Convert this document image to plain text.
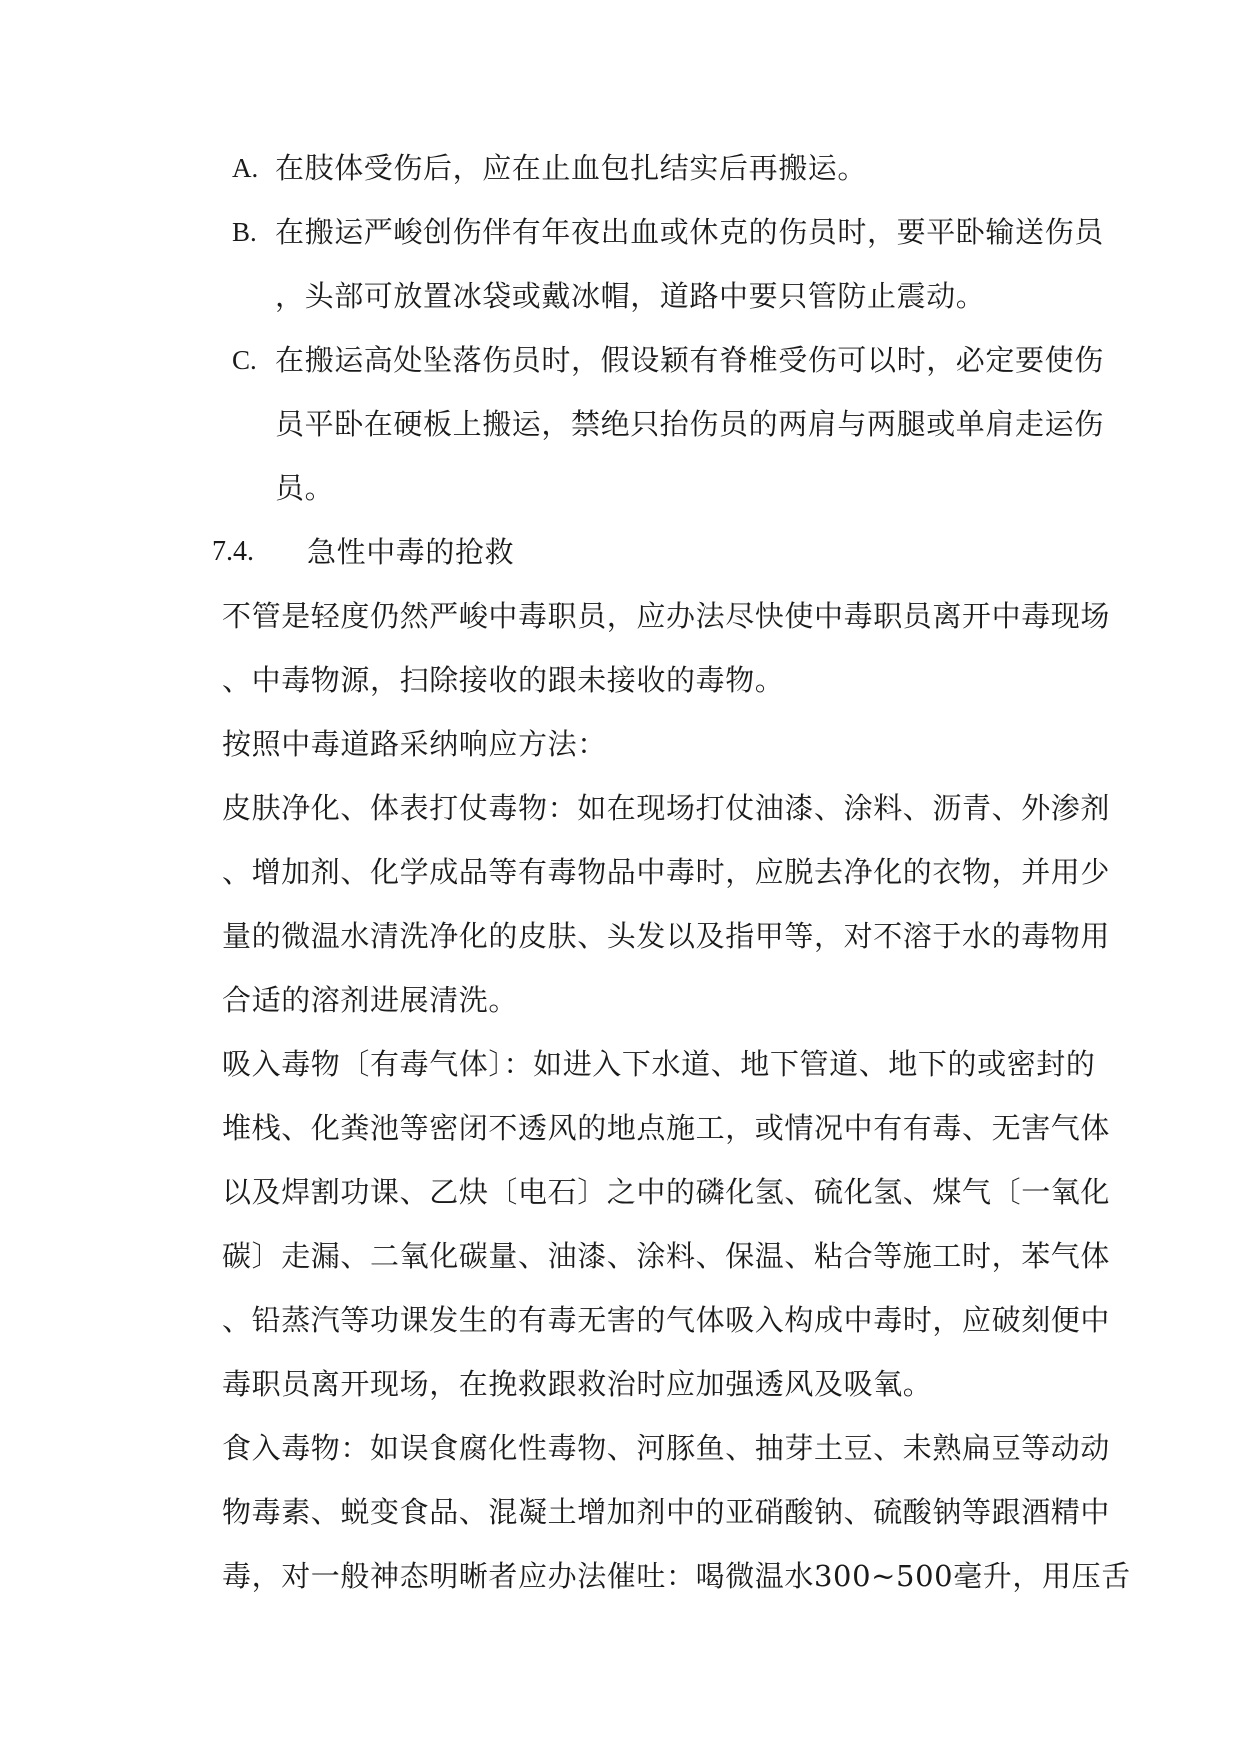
A. 在肢体受伤后，应在止血包扎结实后再搬运。
B. 在搬运严峻创伤伴有年夜出血或休克的伤员时，要平卧输送伤员
，头部可放置冰袋或戴冰帽，道路中要只管防止震动。
C. 在搬运高处坠落伤员时，假设颖有脊椎受伤可以时，必定要使伤
员平卧在硬板上搬运，禁绝只抬伤员的两肩与两腿或单肩走运伤
员。
7.4. 急性中毒的抢救
不管是轻度仍然严峻中毒职员，应办法尽快使中毒职员离开中毒现场
、中毒物源，扫除接收的跟未接收的毒物。
按照中毒道路采纳响应方法：
皮肤净化、体表打仗毒物：如在现场打仗油漆、涂料、沥青、外渗剂
、增加剂、化学成品等有毒物品中毒时，应脱去净化的衣物，并用少
量的微温水清洗净化的皮肤、头发以及指甲等，对不溶于水的毒物用
合适的溶剂进展清洗。
吸入毒物〔有毒气体〕：如进入下水道、地下管道、地下的或密封的
堆栈、化粪池等密闭不透风的地点施工，或情况中有有毒、无害气体
以及焊割功课、乙炔〔电石〕之中的磷化氢、硫化氢、煤气〔一氧化
碳〕走漏、二氧化碳量、油漆、涂料、保温、粘合等施工时，苯气体
、铅蒸汽等功课发生的有毒无害的气体吸入构成中毒时，应破刻便中
毒职员离开现场，在挽救跟救治时应加强透风及吸氧。
食入毒物：如误食腐化性毒物、河豚鱼、抽芽土豆、未熟扁豆等动动
物毒素、蜕变食品、混凝土增加剂中的亚硝酸钠、硫酸钠等跟酒精中
毒，对一般神态明晰者应办法催吐：喝微温水300~500毫升，用压舌
